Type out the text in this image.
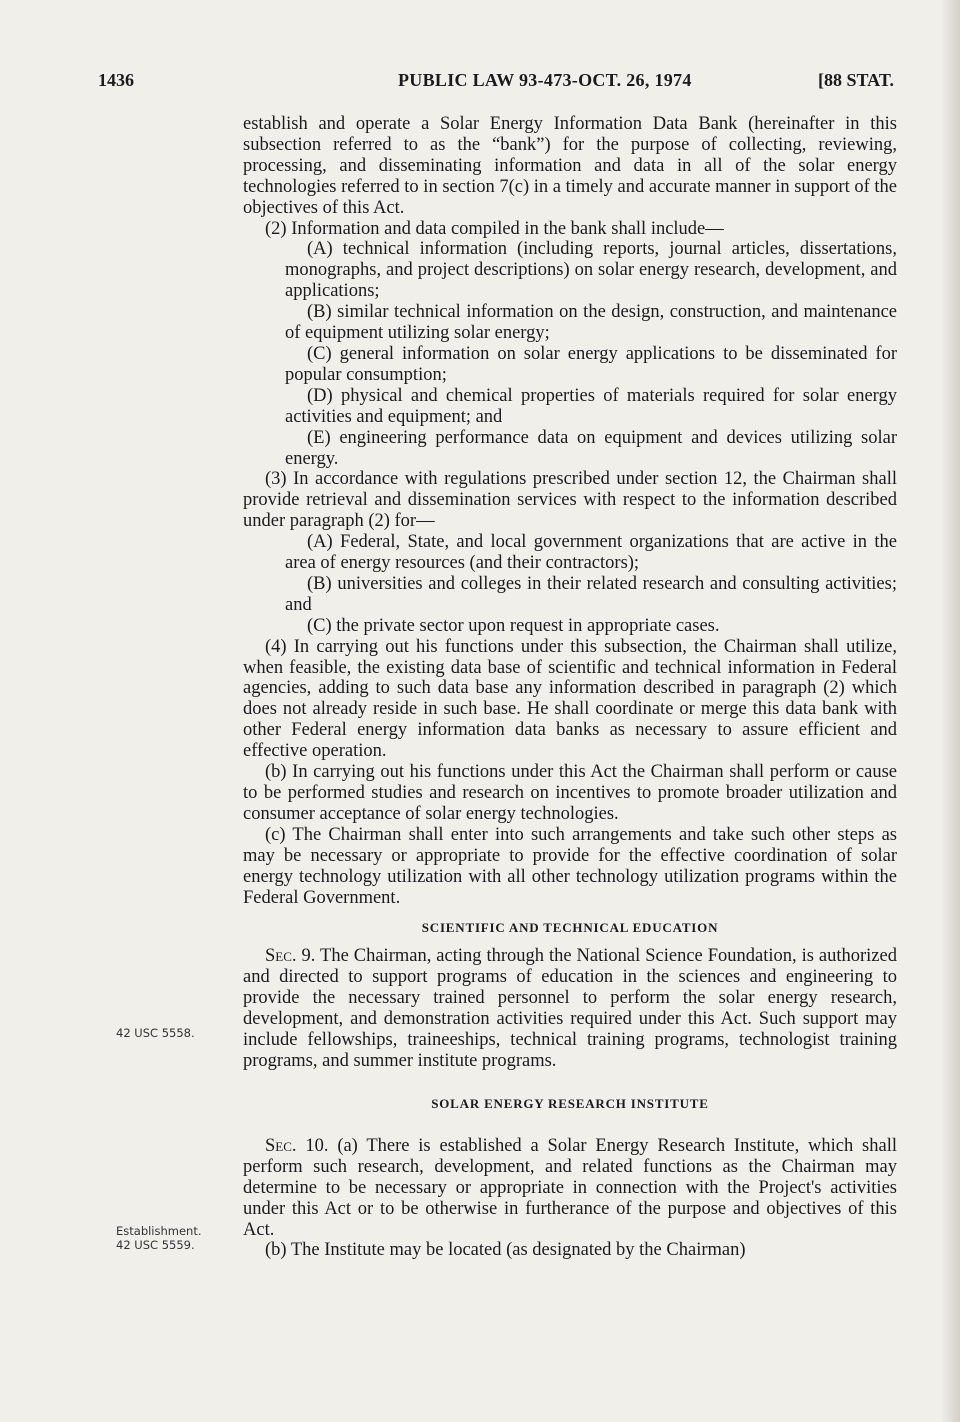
1436	PUBLIC LAW 93-473-OCT. 26, 1974	[88 STAT.
42 USC 5558.
Establishment.
42 USC 5559.

establish and operate a Solar Energy Information Data Bank (hereinafter in this subsection referred to as the “bank”) for the purpose of collecting, reviewing, processing, and disseminating information and data in all of the solar energy technologies referred to in section 7(c) in a timely and accurate manner in support of the objectives of this Act.

(2) Information and data compiled in the bank shall include—

(A) technical information (including reports, journal articles, dissertations, monographs, and project descriptions) on solar energy research, development, and applications;

(B) similar technical information on the design, construction, and maintenance of equipment utilizing solar energy;

(C) general information on solar energy applications to be disseminated for popular consumption;

(D) physical and chemical properties of materials required for solar energy activities and equipment; and

(E) engineering performance data on equipment and devices utilizing solar energy.

(3) In accordance with regulations prescribed under section 12, the Chairman shall provide retrieval and dissemination services with respect to the information described under paragraph (2) for—

(A) Federal, State, and local government organizations that are active in the area of energy resources (and their contractors);

(B) universities and colleges in their related research and consulting activities; and

(C) the private sector upon request in appropriate cases.

(4) In carrying out his functions under this subsection, the Chairman shall utilize, when feasible, the existing data base of scientific and technical information in Federal agencies, adding to such data base any information described in paragraph (2) which does not already reside in such base. He shall coordinate or merge this data bank with other Federal energy information data banks as necessary to assure efficient and effective operation.

(b) In carrying out his functions under this Act the Chairman shall perform or cause to be performed studies and research on incentives to promote broader utilization and consumer acceptance of solar energy technologies.

(c) The Chairman shall enter into such arrangements and take such other steps as may be necessary or appropriate to provide for the effective coordination of solar energy technology utilization with all other technology utilization programs within the Federal Government.

SCIENTIFIC AND TECHNICAL EDUCATION

Sec. 9. The Chairman, acting through the National Science Foundation, is authorized and directed to support programs of education in the sciences and engineering to provide the necessary trained personnel to perform the solar energy research, development, and demonstration activities required under this Act. Such support may include fellowships, traineeships, technical training programs, technologist training programs, and summer institute programs.

SOLAR ENERGY RESEARCH INSTITUTE

Sec. 10. (a) There is established a Solar Energy Research Institute, which shall perform such research, development, and related functions as the Chairman may determine to be necessary or appropriate in connection with the Project's activities under this Act or to be otherwise in furtherance of the purpose and objectives of this Act.

(b) The Institute may be located (as designated by the Chairman)
